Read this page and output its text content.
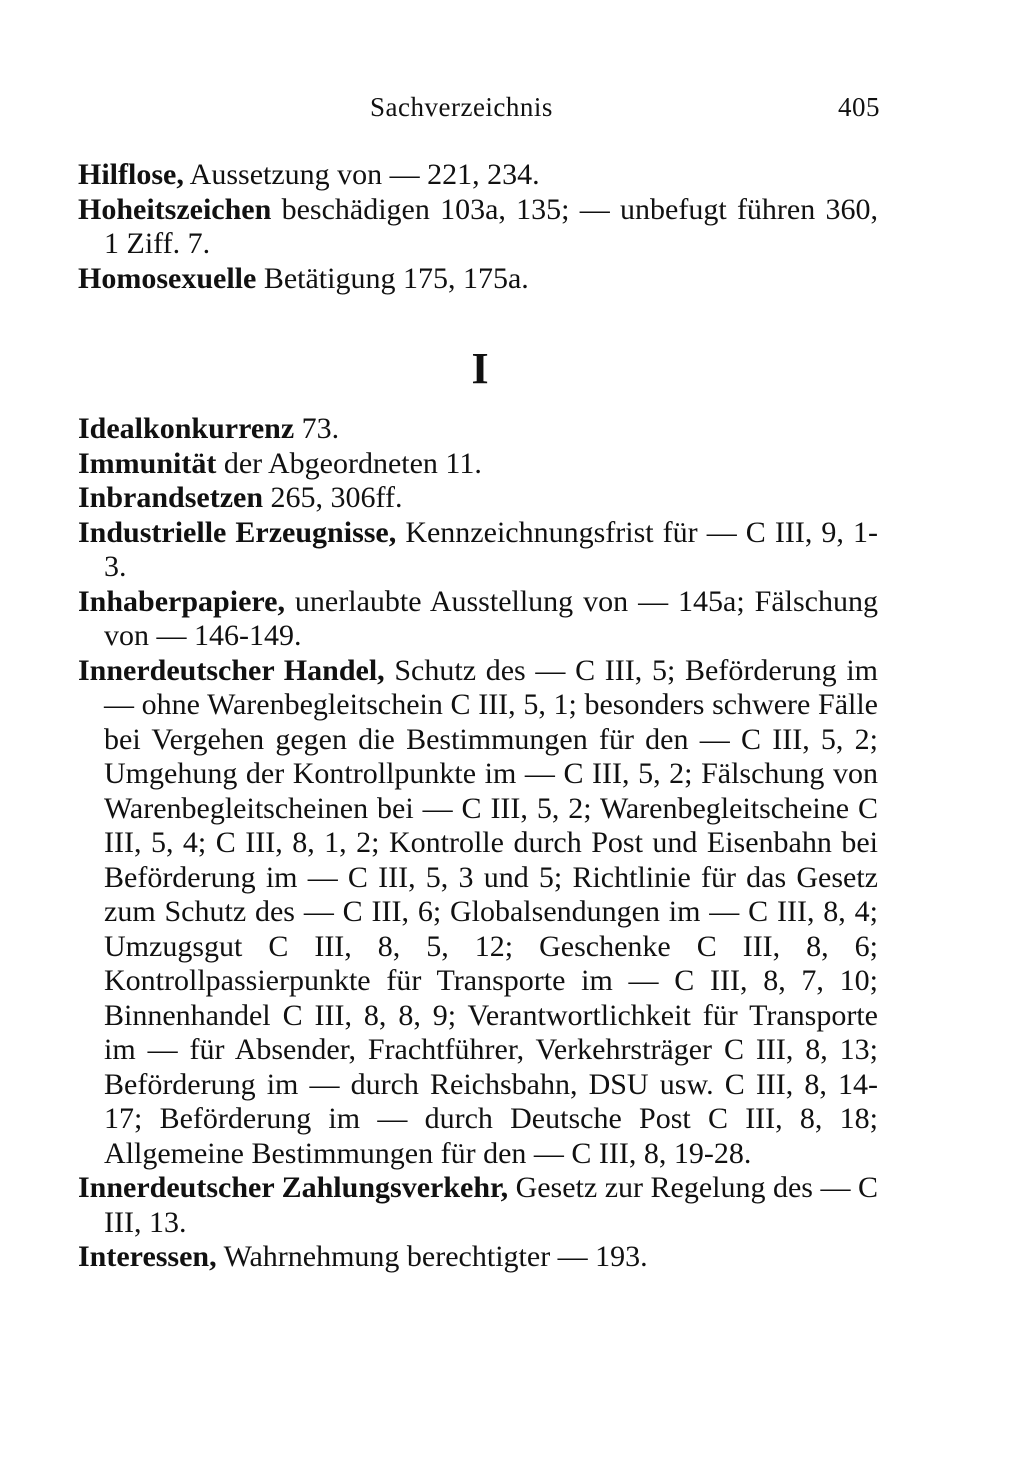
Sachverzeichnis	405
Hilflose, Aussetzung von — 221, 234.
Hoheitszeichen beschädigen 103a, 135; — unbefugt führen 360, 1 Ziff. 7.
Homosexuelle Betätigung 175, 175a.
I
Idealkonkurrenz 73.
Immunität der Abgeordneten 11.
Inbrandsetzen 265, 306ff.
Industrielle Erzeugnisse, Kennzeichnungsfrist für — C III, 9, 1-3.
Inhaberpapiere, unerlaubte Ausstellung von — 145a; Fälschung von — 146-149.
Innerdeutscher Handel, Schutz des — C III, 5; Beförderung im — ohne Warenbegleitschein C III, 5, 1; besonders schwere Fälle bei Vergehen gegen die Bestimmungen für den — C III, 5, 2; Umgehung der Kontrollpunkte im — C III, 5, 2; Fälschung von Warenbegleitscheinen bei — C III, 5, 2; Warenbegleitscheine C III, 5, 4; C III, 8, 1, 2; Kontrolle durch Post und Eisenbahn bei Beförderung im — C III, 5, 3 und 5; Richtlinie für das Gesetz zum Schutz des — C III, 6; Globalsendungen im — C III, 8, 4; Umzugsgut C III, 8, 5, 12; Geschenke C III, 8, 6; Kontrollpassierpunkte für Transporte im — C III, 8, 7, 10; Binnenhandel C III, 8, 8, 9; Verantwortlichkeit für Transporte im — für Absender, Frachtführer, Verkehrsträger C III, 8, 13; Beförderung im — durch Reichsbahn, DSU usw. C III, 8, 14-17; Beförderung im — durch Deutsche Post C III, 8, 18; Allgemeine Bestimmungen für den — C III, 8, 19-28.
Innerdeutscher Zahlungsverkehr, Gesetz zur Regelung des — C III, 13.
Interessen, Wahrnehmung berechtigter — 193.
